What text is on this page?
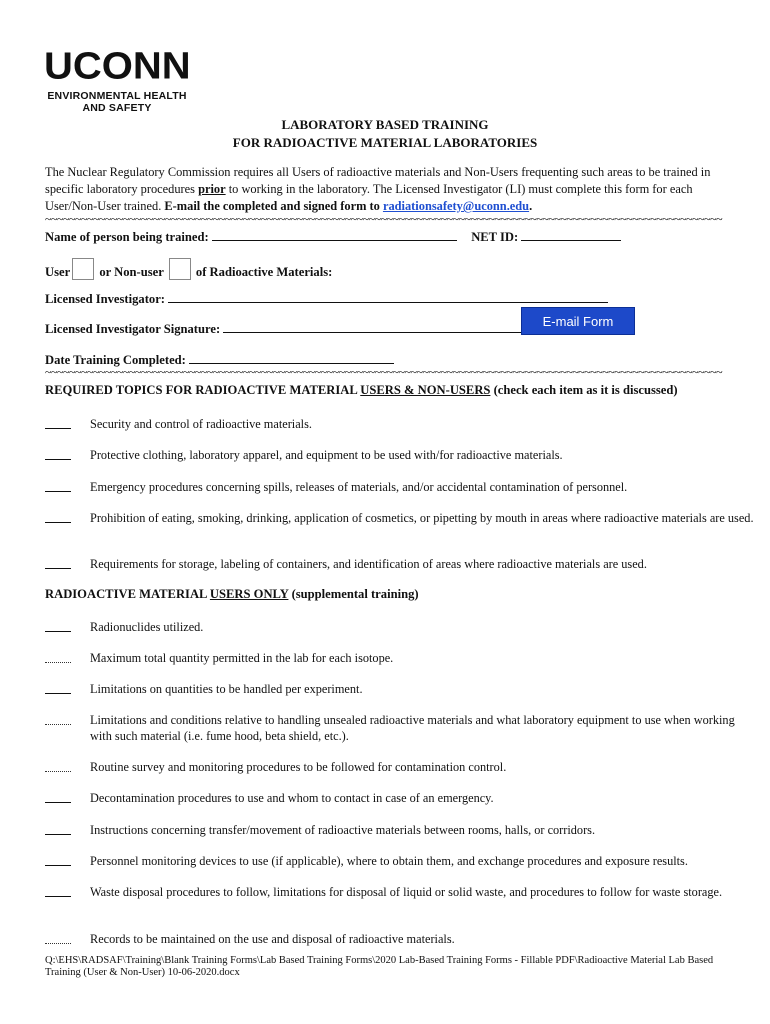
UCONN
ENVIRONMENTAL HEALTH
AND SAFETY
LABORATORY BASED TRAINING
FOR RADIOACTIVE MATERIAL LABORATORIES
The Nuclear Regulatory Commission requires all Users of radioactive materials and Non-Users frequenting such areas to be trained in specific laboratory procedures prior to working in the laboratory. The Licensed Investigator (LI) must complete this form for each User/Non-User trained. E-mail the completed and signed form to radiationsafety@uconn.edu.
~~~~~~~~~~~~~~~~~~~~~~~~~~~~~~~~~~~~~~~~~~~~~~~~~~~~~~~~~~~~~~~~~~~~~~~~~~~~~~~~~~~~~~~~~~~~~~~~~~~~~~~~~~~~~~~~~
Name of person being trained:	NET ID:
User or Non-user	of Radioactive Materials:
Licensed Investigator:
Licensed Investigator Signature:
E-mail Form
Date Training Completed:
~~~~~~~~~~~~~~~~~~~~~~~~~~~~~~~~~~~~~~~~~~~~~~~~~~~~~~~~~~~~~~~~~~~~~~~~~~~~~~~~~~~~~~~~~~~~~~~~~~~~~~~~~~~~~~~~~
REQUIRED TOPICS FOR RADIOACTIVE MATERIAL USERS & NON-USERS (check each item as it is discussed)
Security and control of radioactive materials.
Protective clothing, laboratory apparel, and equipment to be used with/for radioactive materials.
Emergency procedures concerning spills, releases of materials, and/or accidental contamination of personnel.
Prohibition of eating, smoking, drinking, application of cosmetics, or pipetting by mouth in areas where radioactive materials are used.
Requirements for storage, labeling of containers, and identification of areas where radioactive materials are used.
RADIOACTIVE MATERIAL USERS ONLY (supplemental training)
Radionuclides utilized.
Maximum total quantity permitted in the lab for each isotope.
Limitations on quantities to be handled per experiment.
Limitations and conditions relative to handling unsealed radioactive materials and what laboratory equipment to use when working with such material (i.e. fume hood, beta shield, etc.).
Routine survey and monitoring procedures to be followed for contamination control.
Decontamination procedures to use and whom to contact in case of an emergency.
Instructions concerning transfer/movement of radioactive materials between rooms, halls, or corridors.
Personnel monitoring devices to use (if applicable), where to obtain them, and exchange procedures and exposure results.
Waste disposal procedures to follow, limitations for disposal of liquid or solid waste, and procedures to follow for waste storage.
Records to be maintained on the use and disposal of radioactive materials.
Q:\EHS\RADSAF\Training\Blank Training Forms\Lab Based Training Forms\2020 Lab-Based Training Forms - Fillable PDF\Radioactive Material Lab Based Training (User & Non-User) 10-06-2020.docx
